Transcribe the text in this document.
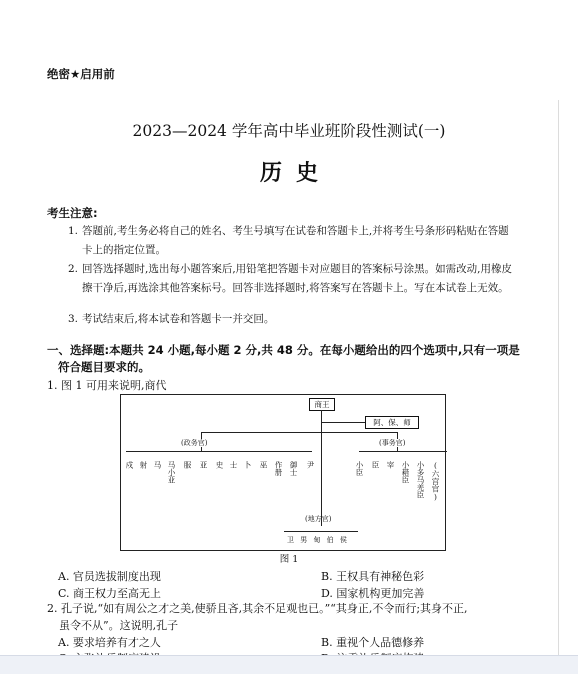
绝密★启用前
2023—2024 学年高中毕业班阶段性测试(一)
历史
考生注意:
1. 答题前,考生务必将自己的姓名、考生号填写在试卷和答题卡上,并将考生号条形码粘贴在答题卡上的指定位置。
2. 回答选择题时,选出每小题答案后,用铅笔把答题卡对应题目的答案标号涂黑。如需改动,用橡皮擦干净后,再选涂其他答案标号。回答非选择题时,将答案写在答题卡上。写在本试卷上无效。
3. 考试结束后,将本试卷和答题卡一并交回。
一、选择题:本题共 24 小题,每小题 2 分,共 48 分。在每小题给出的四个选项中,只有一项是
符合题目要求的。
1. 图 1 可用来说明,商代
商王
阿、保、师
(政务官)	(事务官)
戍 射 马 马小亚 服 亚 史 士 卜 巫 作册 御士 尹	小臣 臣 宰 小耤臣 小多马羌臣 (六宫官)
(地方官)
卫 男 甸 伯 侯
图 1
A. 官员选拔制度出现	B. 王权具有神秘色彩
C. 商王权力至高无上	D. 国家机构更加完善
2. 孔子说,“如有周公之才之美,使骄且吝,其余不足观也已。”“其身正,不令而行;其身不正,
虽令不从”。这说明,孔子
A. 要求培养有才之人	B. 重视个人品德修养
